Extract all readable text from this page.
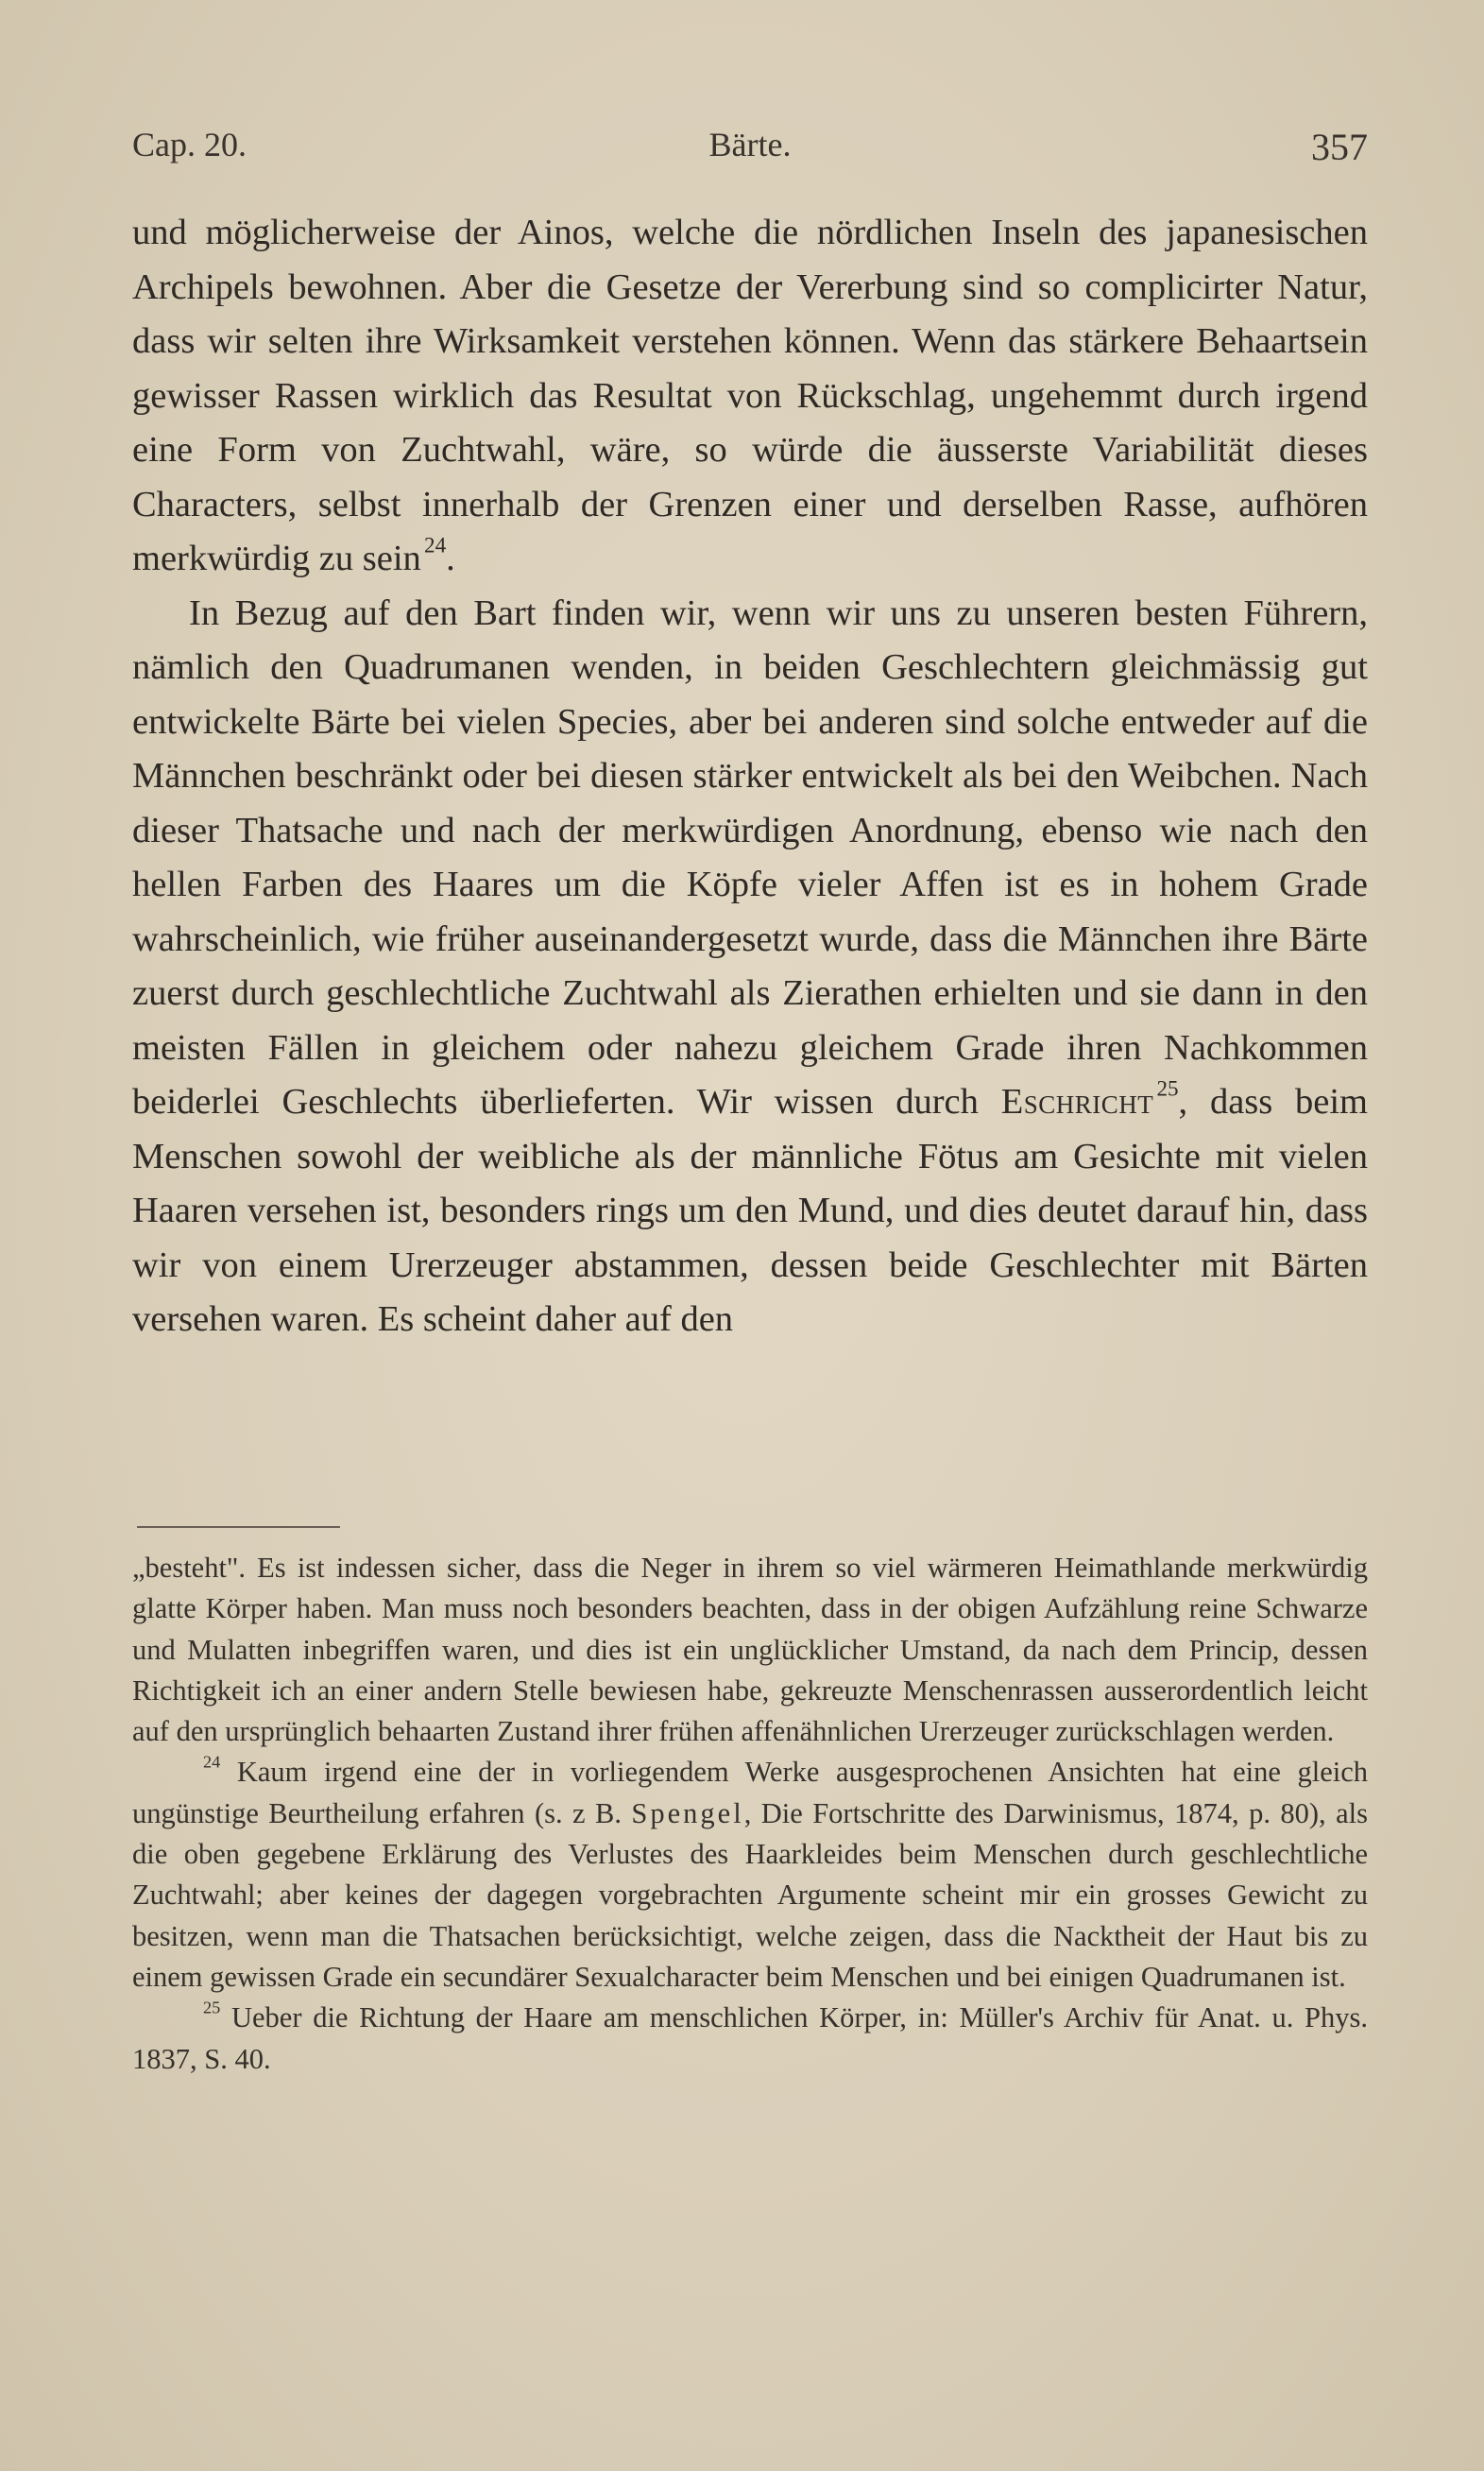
Cap. 20.	Bärte.	357

und möglicherweise der Ainos, welche die nördlichen Inseln des japanesischen Archipels bewohnen. Aber die Gesetze der Vererbung sind so complicirter Natur, dass wir selten ihre Wirksamkeit verstehen können. Wenn das stärkere Behaartsein gewisser Rassen wirklich das Resultat von Rückschlag, ungehemmt durch irgend eine Form von Zuchtwahl, wäre, so würde die äusserste Variabilität dieses Characters, selbst innerhalb der Grenzen einer und derselben Rasse, aufhören merkwürdig zu sein  $^{24}$.

In Bezug auf den Bart finden wir, wenn wir uns zu unseren besten Führern, nämlich den Quadrumanen wenden, in beiden Geschlechtern gleichmässig gut entwickelte Bärte bei vielen Species, aber bei anderen sind solche entweder auf die Männchen beschränkt oder bei diesen stärker entwickelt als bei den Weibchen. Nach dieser Thatsache und nach der merkwürdigen Anordnung, ebenso wie nach den hellen Farben des Haares um die Köpfe vieler Affen ist es in hohem Grade wahrscheinlich, wie früher auseinandergesetzt wurde, dass die Männchen ihre Bärte zuerst durch geschlechtliche Zuchtwahl als Zierathen erhielten und sie dann in den meisten Fällen in gleichem oder nahezu gleichem Grade ihren Nachkommen beiderlei Geschlechts überlieferten. Wir wissen durch Eschricht  $^{25}$, dass beim Menschen sowohl der weibliche als der männliche Fötus am Gesichte mit vielen Haaren versehen ist, besonders rings um den Mund, und dies deutet darauf hin, dass wir von einem Urerzeuger abstammen, dessen beide Geschlechter mit Bärten versehen waren. Es scheint daher auf den

„besteht". Es ist indessen sicher, dass die Neger in ihrem so viel wärmeren Heimathlande merkwürdig glatte Körper haben. Man muss noch besonders beachten, dass in der obigen Aufzählung reine Schwarze und Mulatten inbegriffen waren, und dies ist ein unglücklicher Umstand, da nach dem Princip, dessen Richtigkeit ich an einer andern Stelle bewiesen habe, gekreuzte Menschenrassen ausserordentlich leicht auf den ursprünglich behaarten Zustand ihrer frühen affenähnlichen Urerzeuger zurückschlagen werden.

$^{24}$ Kaum irgend eine der in vorliegendem Werke ausgesprochenen Ansichten hat eine gleich ungünstige Beurtheilung erfahren (s. z B. Spengel, Die Fortschritte des Darwinismus, 1874, p. 80), als die oben gegebene Erklärung des Verlustes des Haarkleides beim Menschen durch geschlechtliche Zuchtwahl; aber keines der dagegen vorgebrachten Argumente scheint mir ein grosses Gewicht zu besitzen, wenn man die Thatsachen berücksichtigt, welche zeigen, dass die Nacktheit der Haut bis zu einem gewissen Grade ein secundärer Sexualcharacter beim Menschen und bei einigen Quadrumanen ist.

$^{25}$ Ueber die Richtung der Haare am menschlichen Körper, in: Müller's Archiv für Anat. u. Phys. 1837, S. 40.
